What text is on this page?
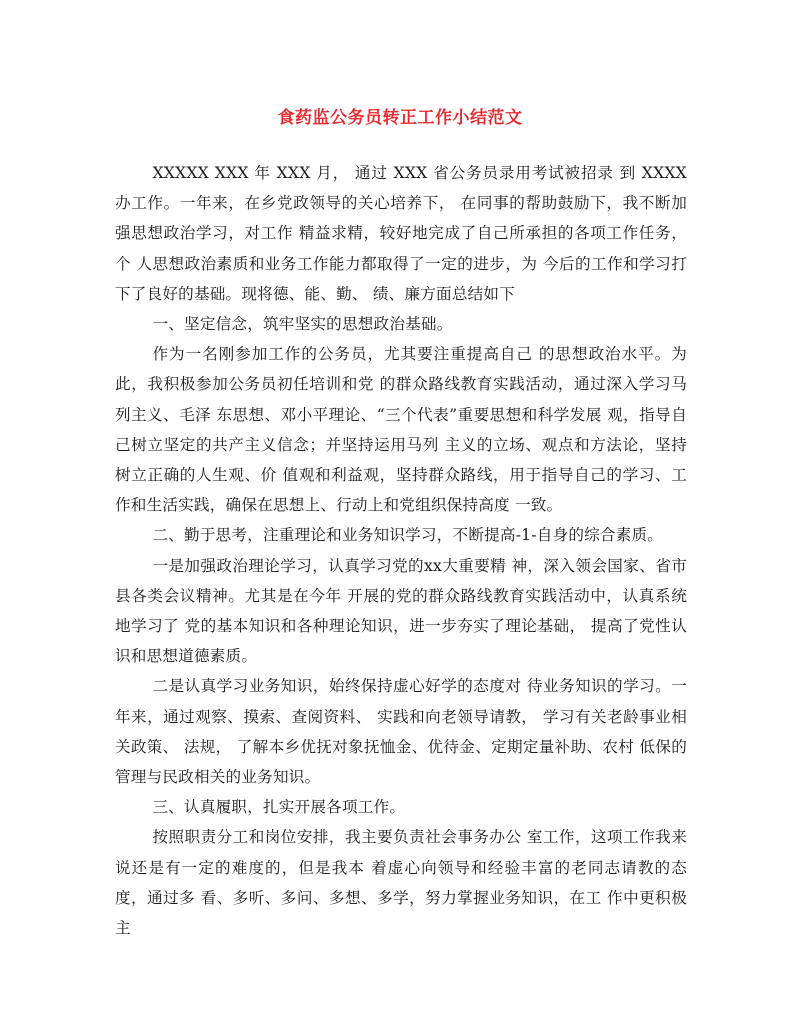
食药监公务员转正工作小结范文

XXXXX XXX 年 XXX 月， 通过 XXX 省公务员录用考试被招录 到 XXXX 办工作。一年来，在乡党政领导的关心培养下， 在同事的帮助鼓励下，我不断加强思想政治学习，对工作 精益求精，较好地完成了自己所承担的各项工作任务，个 人思想政治素质和业务工作能力都取得了一定的进步，为 今后的工作和学习打下了良好的基础。现将德、能、勤、 绩、廉方面总结如下

一、坚定信念，筑牢坚实的思想政治基础。

作为一名刚参加工作的公务员，尤其要注重提高自己 的思想政治水平。为此，我积极参加公务员初任培训和党 的群众路线教育实践活动，通过深入学习马列主义、毛泽 东思想、邓小平理论、“三个代表”重要思想和科学发展 观，指导自己树立坚定的共产主义信念；并坚持运用马列 主义的立场、观点和方法论，坚持树立正确的人生观、价 值观和利益观，坚持群众路线，用于指导自己的学习、工作和生活实践，确保在思想上、行动上和党组织保持高度 一致。

二、勤于思考，注重理论和业务知识学习，不断提高-1-自身的综合素质。

一是加强政治理论学习，认真学习党的xx大重要精 神，深入领会国家、省市县各类会议精神。尤其是在今年 开展的党的群众路线教育实践活动中，认真系统地学习了 党的基本知识和各种理论知识，进一步夯实了理论基础， 提高了党性认识和思想道德素质。

二是认真学习业务知识，始终保持虚心好学的态度对 待业务知识的学习。一年来，通过观察、摸索、查阅资料、 实践和向老领导请教， 学习有关老龄事业相关政策、 法规， 了解本乡优抚对象抚恤金、优待金、定期定量补助、农村 低保的管理与民政相关的业务知识。

三、认真履职，扎实开展各项工作。

按照职责分工和岗位安排，我主要负责社会事务办公 室工作，这项工作我来说还是有一定的难度的，但是我本 着虚心向领导和经验丰富的老同志请教的态度，通过多 看、多听、多问、多想、多学，努力掌握业务知识，在工 作中更积极主
